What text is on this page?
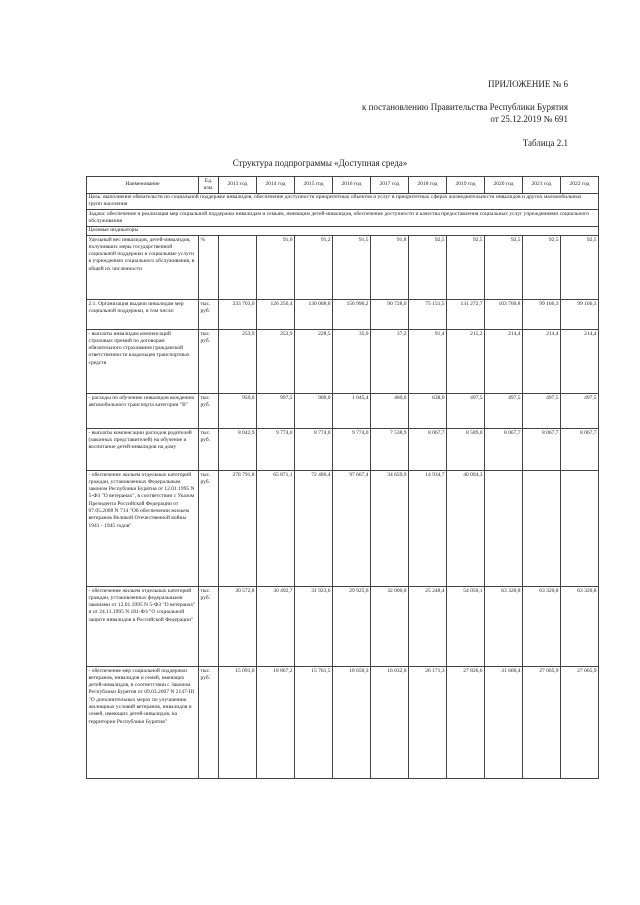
ПРИЛОЖЕНИЕ № 6
к постановлению Правительства Республики Бурятия
от 25.12.2019 № 691
Таблица 2.1
Структура подпрограммы «Доступная среда»
Наименование	Ед. изм.	2013 год	2014 год	2015 год	2016 год	2017 год	2018 год	2019 год	2020 год	2021 год	2022 год
Цель: выполнение обязательств по социальной поддержке инвалидов, обеспечение доступности приоритетных объектов и услуг в приоритетных сферах жизнедеятельности инвалидов и других маломобильных групп населения											
Задача: обеспечение и реализация мер социальной поддержки инвалидам и семьям, имеющим детей-инвалидов, обеспечение доступности и качества предоставления социальных услуг учреждениями социального обслуживания											
Целевые индикаторы											
Удельный вес инвалидов, детей-инвалидов, получивших меры государственной социальной поддержки и социальные услуги в учреждениях социального обслуживания, в общей их численности	%		91,0	91,2	91,5	91,8	92,5	92,5	92,5	92,5	92,5
2.1. Организация выдачи инвалидам мер социальной поддержки, в том числе:	тыс. руб.	333 703,0	126 256,4	130 068,0	156 996,2	90 728,0	75 151,5	131 272,7	103 760,8	99 166,3	99 166,3
- выплаты инвалидам компенсаций страховых премий по договорам обязательного страхования гражданской ответственности владельцев транспортных средств	тыс. руб.	253,9	253,9	228,5	35,0	37,2	91,4	215,2	214,4	214,4	214,4
- расходы по обучению инвалидов вождению автомобильного транспорта категории "В"	тыс. руб.	950,0	997,5	900,0	1 045,4	460,0	638,0	497,5	497,5	497,5	497,5
- выплаты компенсации расходов родителей (законных представителей) на обучение и воспитание детей-инвалидов на дому	тыс. руб.	8 042,9	9 774,0	8 774,0	9 774,0	7 538,9	8 067,7	8 589,0	8 067,7	8 067,7	8 067,7
- обеспечение жильем отдельных категорий граждан, установленных Федеральным законом Республики Бурятия от 12.01.1995 N 5-ФЗ "О ветеранах", в соответствии с Указом Президента Российской Федерации от 07.05.2008 N 714 "Об обеспечении жильем ветеранов Великой Отечественной войны 1941 - 1945 годов"	тыс. руб.	278 791,8	65 871,1	72 480,4	97 667,4	34 659,9	14 934,7	40 094,3			
- обеспечение жильем отдельных категорий граждан, установленных федеральными законами от 12.01.1995 N 5-ФЗ "О ветеранах" и от 24.11.1995 N 181-ФЗ "О социальной защите инвалидов в Российской Федерации"	тыс. руб.	30 572,8	30 492,7	31 923,6	29 925,6	32 000,0	25 248,4	54 050,1	63 320,8	63 320,8	63 320,8
- обеспечение мер социальной поддержки ветеранов, инвалидов и семей, имеющих детей-инвалидов, в соответствии с Законом Республики Бурятия от 09.03.2007 N 2147-III "О дополнительных мерах по улучшению жилищных условий ветеранов, инвалидов и семей, имеющих детей-инвалидов, на территории Республики Бурятия"	тыс. руб.	15 091,6	18 867,2	15 761,5	18 650,3	16 032,0	26 171,3	27 826,6	31 660,4	27 065,9	27 065,9
